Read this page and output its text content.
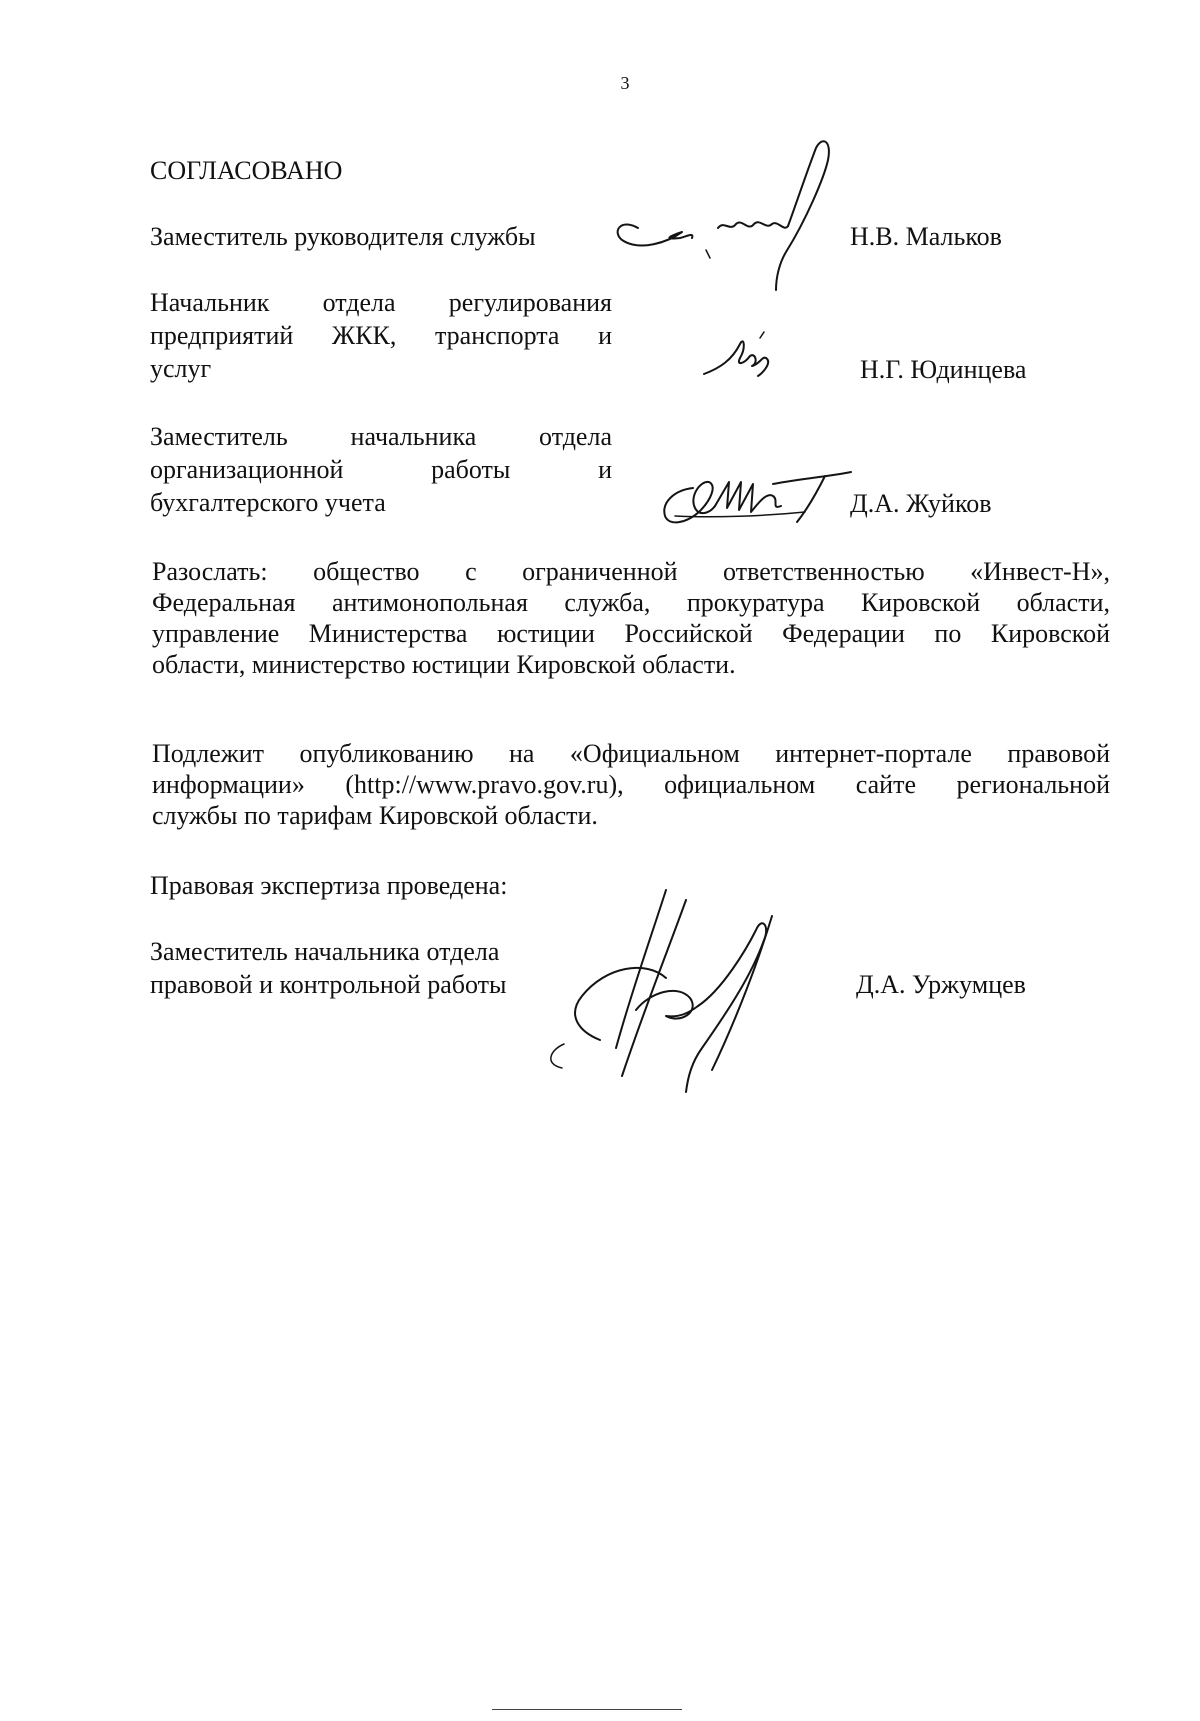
3
СОГЛАСОВАНО
Заместитель руководителя службы	Н.В. Мальков
Начальник отдела регулирования
предприятий ЖКК, транспорта и
услуг	Н.Г. Юдинцева
Заместитель начальника отдела
организационной работы и
бухгалтерского учета	Д.А. Жуйков
Разослать: общество с ограниченной ответственностью «Инвест-Н»,
Федеральная антимонопольная служба, прокуратура Кировской области,
управление Министерства юстиции Российской Федерации по Кировской
области, министерство юстиции Кировской области.
Подлежит опубликованию на «Официальном интернет-портале правовой
информации» (http://www.pravo.gov.ru), официальном сайте региональной
службы по тарифам Кировской области.
Правовая экспертиза проведена:
Заместитель начальника отдела
правовой и контрольной работы	Д.А. Уржумцев
